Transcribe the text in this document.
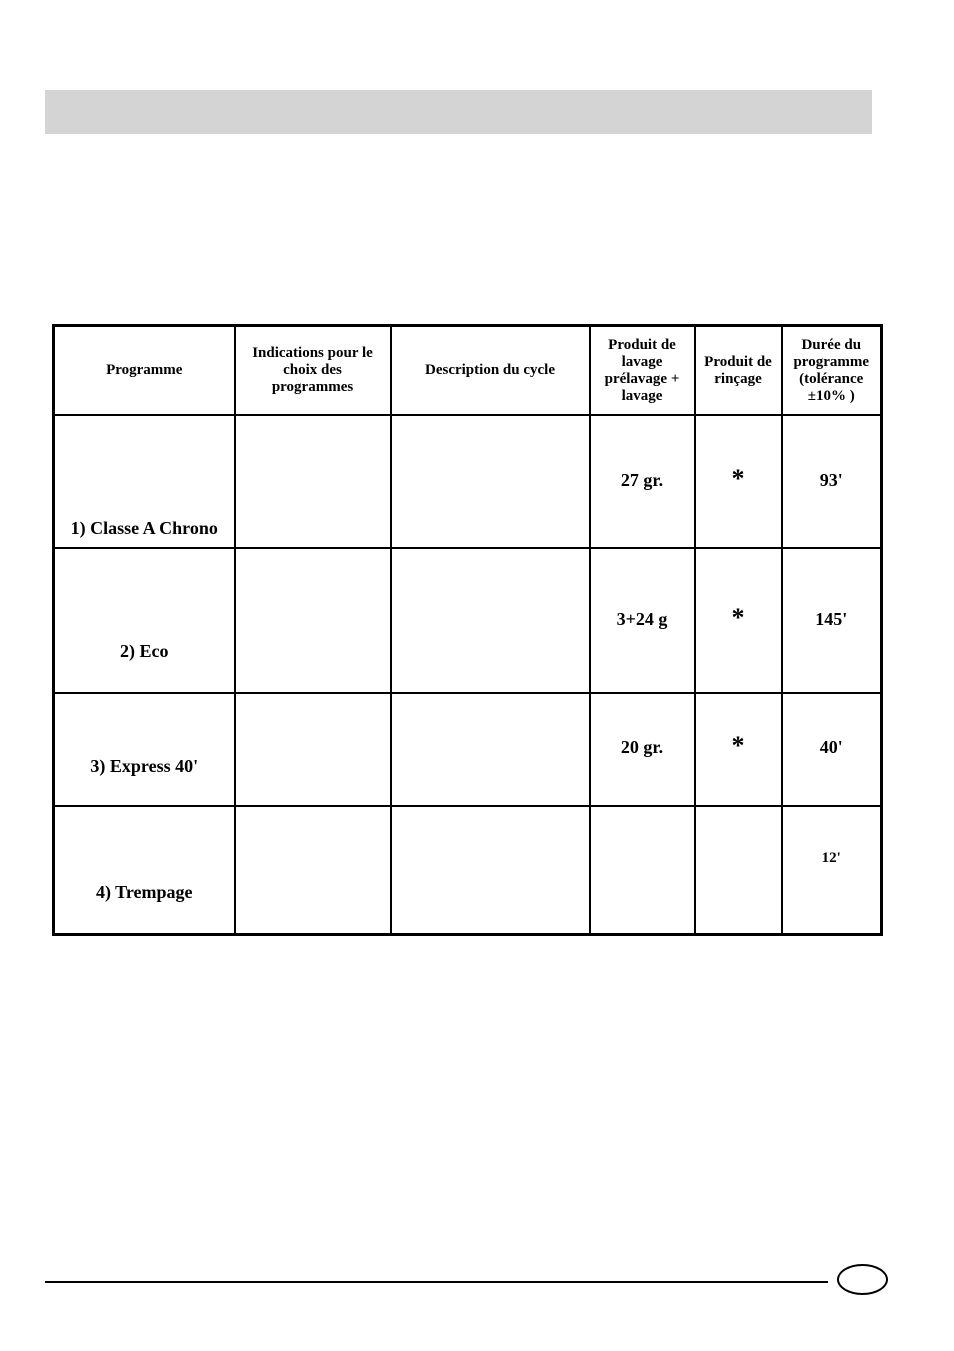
Programme	Indications pour le choix des programmes	Description du cycle	Produit de lavage prélavage + lavage	Produit de rinçage	Durée du programme (tolérance ±10% )
1) Classe A Chrono			27 gr.	*	93'
2) Eco			3+24 g	*	145'
3) Express 40'			20 gr.	*	40'
4) Trempage					12'
